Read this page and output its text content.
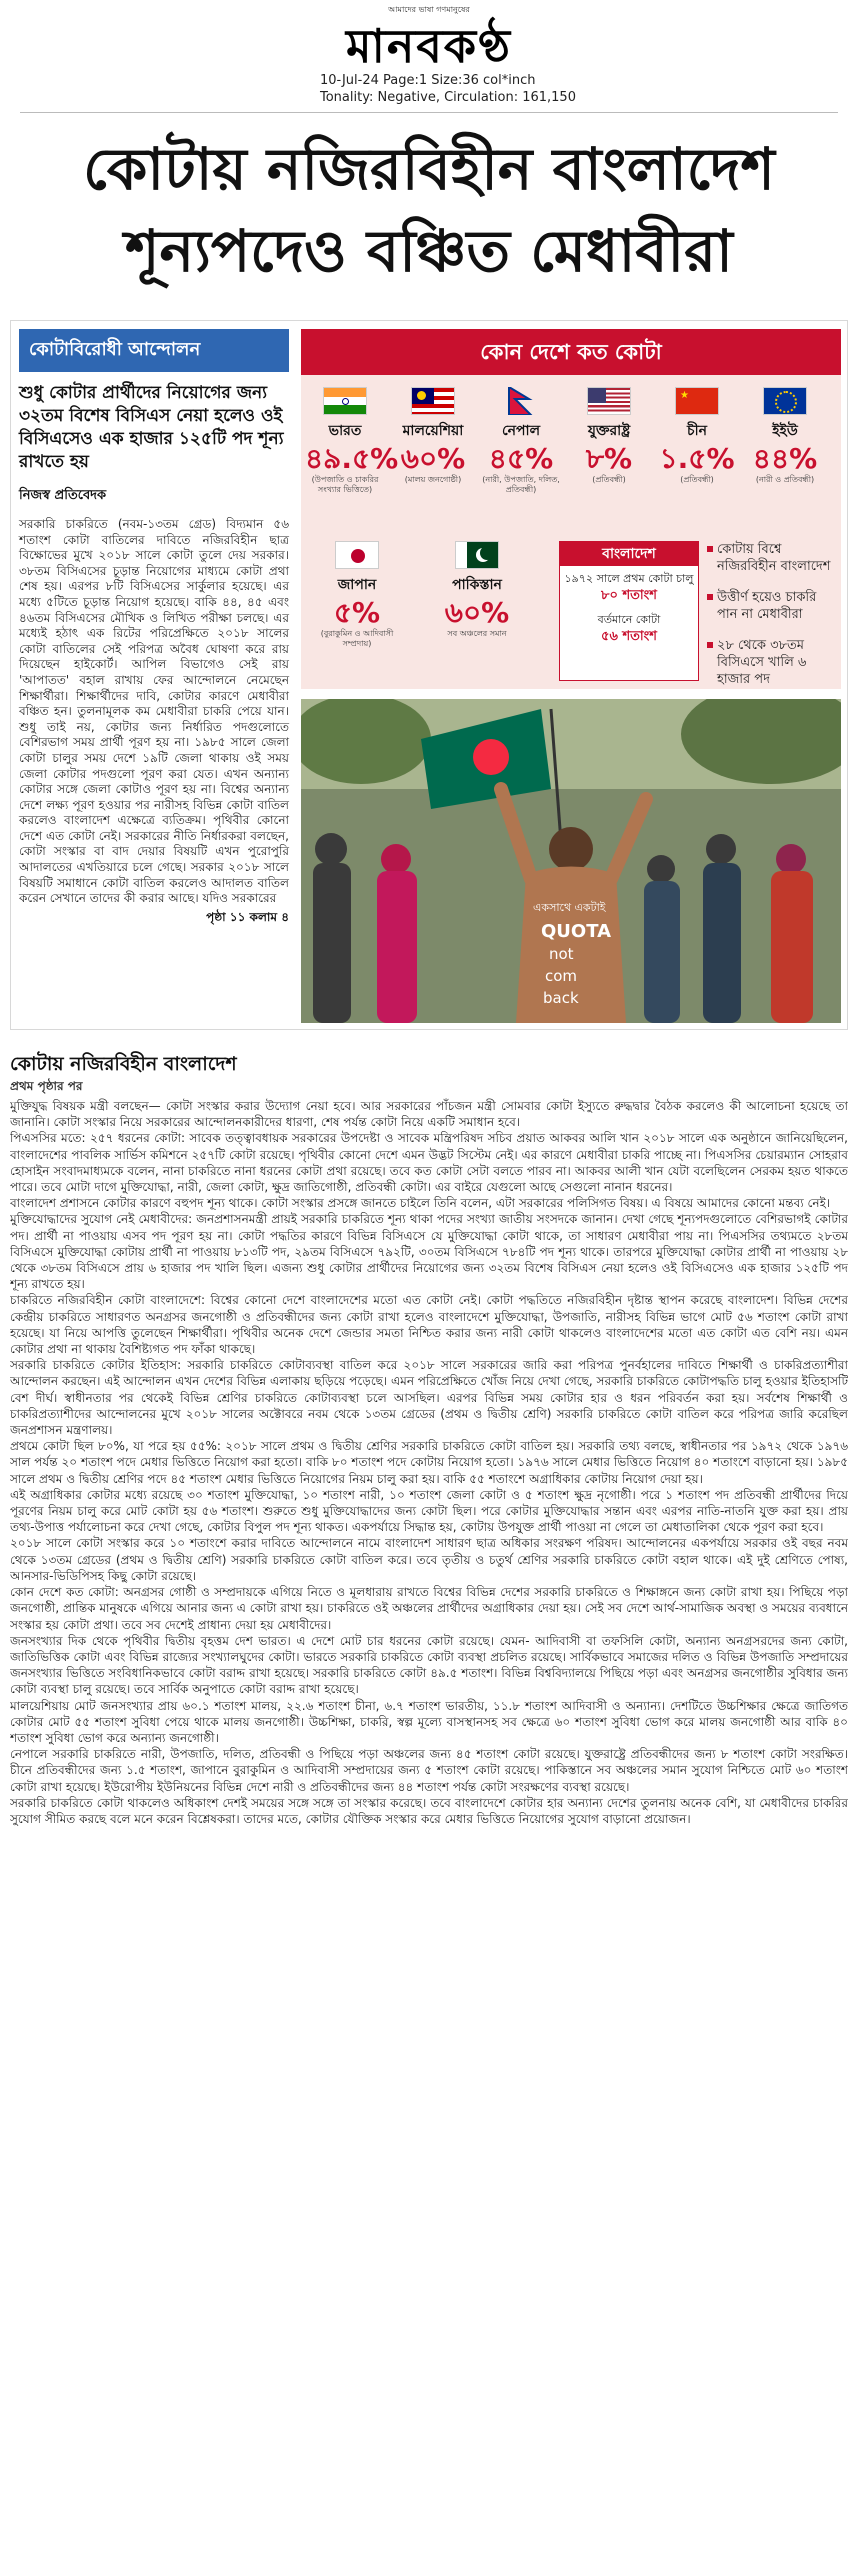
আমাদের ভাষা গণমানুষের
মানবকণ্ঠ
10-Jul-24 Page:1 Size:36 col*inch
Tonality: Negative, Circulation: 161,150
কোটায় নজিরবিহীন বাংলাদেশ
শূন্যপদেও বঞ্চিত মেধাবীরা
কোটাবিরোধী আন্দোলন
শুধু কোটার প্রার্থীদের নিয়োগের জন্য ৩২তম বিশেষ বিসিএস নেয়া হলেও ওই বিসিএসেও এক হাজার ১২৫টি পদ শূন্য রাখতে হয়
নিজস্ব প্রতিবেদক
সরকারি চাকরিতে (নবম-১৩তম গ্রেড) বিদ্যমান ৫৬ শতাংশ কোটা বাতিলের দাবিতে নজিরবিহীন ছাত্র বিক্ষোভের মুখে ২০১৮ সালে কোটা তুলে দেয় সরকার। ৩৮তম বিসিএসের চূড়ান্ত নিয়োগের মাধ্যমে কোটা প্রথা শেষ হয়। এরপর ৮টি বিসিএসের সার্কুলার হয়েছে। এর মধ্যে ৫টিতে চূড়ান্ত নিয়োগ হয়েছে। বাকি ৪৪, ৪৫ এবং ৪৬তম বিসিএসের মৌখিক ও লিখিত পরীক্ষা চলছে। এর মধ্যেই হঠাৎ এক রিটের পরিপ্রেক্ষিতে ২০১৮ সালের কোটা বাতিলের সেই পরিপত্র অবৈধ ঘোষণা করে রায় দিয়েছেন হাইকোর্ট। আপিল বিভাগেও সেই রায় 'আপাতত' বহাল রাখায় ফের আন্দোলনে নেমেছেন শিক্ষার্থীরা। শিক্ষার্থীদের দাবি, কোটার কারণে মেধাবীরা বঞ্চিত হন। তুলনামূলক কম মেধাবীরা চাকরি পেয়ে যান। শুধু তাই নয়, কোটার জন্য নির্ধারিত পদগুলোতে বেশিরভাগ সময় প্রার্থী পূরণ হয় না। ১৯৮৫ সালে জেলা কোটা চালুর সময় দেশে ১৯টি জেলা থাকায় ওই সময় জেলা কোটার পদগুলো পূরণ করা যেত। এখন অন্যান্য কোটার সঙ্গে জেলা কোটাও পূরণ হয় না। বিশ্বের অন্যান্য দেশে লক্ষ্য পূরণ হওয়ার পর নারীসহ বিভিন্ন কোটা বাতিল করলেও বাংলাদেশ এক্ষেত্রে ব্যতিক্রম। পৃথিবীর কোনো দেশে এত কোটা নেই। সরকারের নীতি নির্ধারকরা বলছেন, কোটা সংস্কার বা বাদ দেয়ার বিষয়টি এখন পুরোপুরি আদালতের এখতিয়ারে চলে গেছে। সরকার ২০১৮ সালে বিষয়টি সমাধানে কোটা বাতিল করলেও আদালত বাতিল করেন সেখানে তাদের কী করার আছে। যদিও সরকারের
পৃষ্ঠা ১১ কলাম ৪
কোন দেশে কত কোটা
ভারত
৪৯.৫%
(উপজাতি ও চাকরির সংখ্যার ভিত্তিতে)
মালয়েশিয়া
৬০%
(মালয় জনগোষ্ঠী)
নেপাল
৪৫%
(নারী, উপজাতি, দলিত, প্রতিবন্ধী)
যুক্তরাষ্ট্র
৮%
(প্রতিবন্ধী)
★
চীন
১.৫%
(প্রতিবন্ধী)
ইইউ
৪৪%
(নারী ও প্রতিবন্ধী)
জাপান
৫%
(বুরাকুমিন ও আদিবাসী সম্প্রদায়)
পাকিস্তান
৬০%
সব অঞ্চলের সমান
বাংলাদেশ
১৯৭২ সালে প্রথম কোটা চালু
৮০ শতাংশ
বর্তমানে কোটা
৫৬ শতাংশ
কোটায় বিশ্বে নজিরবিহীন বাংলাদেশ
উত্তীর্ণ হয়েও চাকরি পান না মেধাবীরা
২৮ থেকে ৩৮তম বিসিএসে খালি ৬ হাজার পদ
একসাথে একটাই
QUOTA
not
com
back
কোটায় নজিরবিহীন বাংলাদেশ
প্রথম পৃষ্ঠার পর

মুক্তিযুদ্ধ বিষয়ক মন্ত্রী বলছেন— কোটা সংস্কার করার উদ্যোগ নেয়া হবে। আর সরকারের পাঁচজন মন্ত্রী সোমবার কোটা ইস্যুতে রুদ্ধদ্বার বৈঠক করলেও কী আলোচনা হয়েছে তা জানানি। কোটা সংস্কার নিয়ে সরকারের আন্দোলনকারীদের ধারণা, শেষ পর্যন্ত কোটা নিয়ে একটি সমাধান হবে।

পিএসসির মতে: ২৫৭ ধরনের কোটা: সাবেক তত্ত্বাবধায়ক সরকারের উপদেষ্টা ও সাবেক মন্ত্রিপরিষদ সচিব প্রয়াত আকবর আলি খান ২০১৮ সালে এক অনুষ্ঠানে জানিয়েছিলেন, বাংলাদেশের পাবলিক সার্ভিস কমিশনে ২৫৭টি কোটা রয়েছে। পৃথিবীর কোনো দেশে এমন উদ্ভট সিস্টেম নেই। এর কারণে মেধাবীরা চাকরি পাচ্ছে না। পিএসসির চেয়ারম্যান সোহরাব হোসাইন সংবাদমাধ্যমকে বলেন, নানা চাকরিতে নানা ধরনের কোটা প্রথা রয়েছে। তবে কত কোটা সেটা বলতে পারব না। আকবর আলী খান যেটা বলেছিলেন সেরকম হয়ত থাকতে পারে। তবে মোটা দাগে মুক্তিযোদ্ধা, নারী, জেলা কোটা, ক্ষুদ্র জাতিগোষ্ঠী, প্রতিবন্ধী কোটা। এর বাইরে যেগুলো আছে সেগুলো নানান ধরনের।

বাংলাদেশ প্রশাসনে কোটার কারণে বহুপদ শূন্য থাকে। কোটা সংস্কার প্রসঙ্গে জানতে চাইলে তিনি বলেন, এটা সরকারের পলিসিগত বিষয়। এ বিষয়ে আমাদের কোনো মন্তব্য নেই।

মুক্তিযোদ্ধাদের সুযোগ নেই মেধাবীদের: জনপ্রশাসনমন্ত্রী প্রায়ই সরকারি চাকরিতে শূন্য থাকা পদের সংখ্যা জাতীয় সংসদকে জানান। দেখা গেছে শূন্যপদগুলোতে বেশিরভাগই কোটার পদ। প্রার্থী না পাওয়ায় এসব পদ পূরণ হয় না। কোটা পদ্ধতির কারণে বিভিন্ন বিসিএসে যে মুক্তিযোদ্ধা কোটা থাকে, তা সাধারণ মেধাবীরা পায় না। পিএসসির তথ্যমতে ২৮তম বিসিএসে মুক্তিযোদ্ধা কোটায় প্রার্থী না পাওয়ায় ৮১৩টি পদ, ২৯তম বিসিএসে ৭৯২টি, ৩০তম বিসিএসে ৭৮৪টি পদ শূন্য থাকে। তারপরে মুক্তিযোদ্ধা কোটার প্রার্থী না পাওয়ায় ২৮ থেকে ৩৮তম বিসিএসে প্রায় ৬ হাজার পদ খালি ছিল। এজন্য শুধু কোটার প্রার্থীদের নিয়োগের জন্য ৩২তম বিশেষ বিসিএস নেয়া হলেও ওই বিসিএসেও এক হাজার ১২৫টি পদ শূন্য রাখতে হয়।

চাকরিতে নজিরবিহীন কোটা বাংলাদেশে: বিশ্বের কোনো দেশে বাংলাদেশের মতো এত কোটা নেই। কোটা পদ্ধতিতে নজিরবিহীন দৃষ্টান্ত স্থাপন করেছে বাংলাদেশ। বিভিন্ন দেশের কেন্দ্রীয় চাকরিতে সাধারণত অনগ্রসর জনগোষ্ঠী ও প্রতিবন্ধীদের জন্য কোটা রাখা হলেও বাংলাদেশে মুক্তিযোদ্ধা, উপজাতি, নারীসহ বিভিন্ন ভাগে মোট ৫৬ শতাংশ কোটা রাখা হয়েছে। যা নিয়ে আপত্তি তুলেছেন শিক্ষার্থীরা। পৃথিবীর অনেক দেশে জেন্ডার সমতা নিশ্চিত করার জন্য নারী কোটা থাকলেও বাংলাদেশের মতো এত কোটা এত বেশি নয়। এমন কোটার প্রথা না থাকায় বৈশিষ্ট্যগত পদ ফাঁকা থাকছে।

সরকারি চাকরিতে কোটার ইতিহাস: সরকারি চাকরিতে কোটাব্যবস্থা বাতিল করে ২০১৮ সালে সরকারের জারি করা পরিপত্র পুনর্বহালের দাবিতে শিক্ষার্থী ও চাকরিপ্রত্যাশীরা আন্দোলন করছেন। এই আন্দোলন এখন দেশের বিভিন্ন এলাকায় ছড়িয়ে পড়েছে। এমন পরিপ্রেক্ষিতে খোঁজ নিয়ে দেখা গেছে, সরকারি চাকরিতে কোটাপদ্ধতি চালু হওয়ার ইতিহাসটি বেশ দীর্ঘ। স্বাধীনতার পর থেকেই বিভিন্ন শ্রেণির চাকরিতে কোটাব্যবস্থা চলে আসছিল। এরপর বিভিন্ন সময় কোটার হার ও ধরন পরিবর্তন করা হয়। সর্বশেষ শিক্ষার্থী ও চাকরিপ্রত্যাশীদের আন্দোলনের মুখে ২০১৮ সালের অক্টোবরে নবম থেকে ১৩তম গ্রেডের (প্রথম ও দ্বিতীয় শ্রেণি) সরকারি চাকরিতে কোটা বাতিল করে পরিপত্র জারি করেছিল জনপ্রশাসন মন্ত্রণালয়।

প্রথমে কোটা ছিল ৮০%, যা পরে হয় ৫৫%: ২০১৮ সালে প্রথম ও দ্বিতীয় শ্রেণির সরকারি চাকরিতে কোটা বাতিল হয়। সরকারি তথ্য বলছে, স্বাধীনতার পর ১৯৭২ থেকে ১৯৭৬ সাল পর্যন্ত ২০ শতাংশ পদে মেধার ভিত্তিতে নিয়োগ করা হতো। বাকি ৮০ শতাংশ পদে কোটায় নিয়োগ হতো। ১৯৭৬ সালে মেধার ভিত্তিতে নিয়োগ ৪০ শতাংশে বাড়ানো হয়। ১৯৮৫ সালে প্রথম ও দ্বিতীয় শ্রেণির পদে ৪৫ শতাংশ মেধার ভিত্তিতে নিয়োগের নিয়ম চালু করা হয়। বাকি ৫৫ শতাংশে অগ্রাধিকার কোটায় নিয়োগ দেয়া হয়।

এই অগ্রাধিকার কোটার মধ্যে রয়েছে ৩০ শতাংশ মুক্তিযোদ্ধা, ১০ শতাংশ নারী, ১০ শতাংশ জেলা কোটা ও ৫ শতাংশ ক্ষুদ্র নৃগোষ্ঠী। পরে ১ শতাংশ পদ প্রতিবন্ধী প্রার্থীদের দিয়ে পূরণের নিয়ম চালু করে মোট কোটা হয় ৫৬ শতাংশ। শুরুতে শুধু মুক্তিযোদ্ধাদের জন্য কোটা ছিল। পরে কোটার মুক্তিযোদ্ধার সন্তান এবং এরপর নাতি-নাতনি যুক্ত করা হয়। প্রায় তথ্য-উপাত্ত পর্যালোচনা করে দেখা গেছে, কোটার বিপুল পদ শূন্য থাকত। একপর্যায়ে সিদ্ধান্ত হয়, কোটায় উপযুক্ত প্রার্থী পাওয়া না গেলে তা মেধাতালিকা থেকে পূরণ করা হবে।

২০১৮ সালে কোটা সংস্কার করে ১০ শতাংশে করার দাবিতে আন্দোলনে নামে বাংলাদেশ সাধারণ ছাত্র অধিকার সংরক্ষণ পরিষদ। আন্দোলনের একপর্যায়ে সরকার ওই বছর নবম থেকে ১৩তম গ্রেডের (প্রথম ও দ্বিতীয় শ্রেণি) সরকারি চাকরিতে কোটা বাতিল করে। তবে তৃতীয় ও চতুর্থ শ্রেণির সরকারি চাকরিতে কোটা বহাল থাকে। এই দুই শ্রেণিতে পোষ্য, আনসার-ভিডিপিসহ কিছু কোটা রয়েছে।

কোন দেশে কত কোটা: অনগ্রসর গোষ্ঠী ও সম্প্রদায়কে এগিয়ে নিতে ও মূলধারায় রাখতে বিশ্বের বিভিন্ন দেশের সরকারি চাকরিতে ও শিক্ষাঙ্গনে জন্য কোটা রাখা হয়। পিছিয়ে পড়া জনগোষ্ঠী, প্রান্তিক মানুষকে এগিয়ে আনার জন্য এ কোটা রাখা হয়। চাকরিতে ওই অঞ্চলের প্রার্থীদের অগ্রাধিকার দেয়া হয়। সেই সব দেশে আর্থ-সামাজিক অবস্থা ও সময়ের ব্যবধানে সংস্কার হয় কোটা প্রথা। তবে সব দেশেই প্রাধান্য দেয়া হয় মেধাবীদের।

জনসংখ্যার দিক থেকে পৃথিবীর দ্বিতীয় বৃহত্তম দেশ ভারত। এ দেশে মোট চার ধরনের কোটা রয়েছে। যেমন- আদিবাসী বা তফসিলি কোটা, অন্যান্য অনগ্রসরদের জন্য কোটা, জাতিভিত্তিক কোটা এবং বিভিন্ন রাজ্যের সংখ্যালঘুদের কোটা। ভারতে সরকারি চাকরিতে কোটা ব্যবস্থা প্রচলিত রয়েছে। সার্বিকভাবে সমাজের দলিত ও বিভিন্ন উপজাতি সম্প্রদায়ের জনসংখ্যার ভিত্তিতে সংবিধানিকভাবে কোটা বরাদ্দ রাখা হয়েছে। সরকারি চাকরিতে কোটা ৪৯.৫ শতাংশ। বিভিন্ন বিশ্ববিদ্যালয়ে পিছিয়ে পড়া এবং অনগ্রসর জনগোষ্ঠীর সুবিধার জন্য কোটা ব্যবস্থা চালু রয়েছে। তবে সার্বিক অনুপাতে কোটা বরাদ্দ রাখা হয়েছে।

মালয়েশিয়ায় মোট জনসংখ্যার প্রায় ৬০.১ শতাংশ মালয়, ২২.৬ শতাংশ চীনা, ৬.৭ শতাংশ ভারতীয়, ১১.৮ শতাংশ আদিবাসী ও অন্যান্য। দেশটিতে উচ্চশিক্ষার ক্ষেত্রে জাতিগত কোটার মোট ৫৫ শতাংশ সুবিধা পেয়ে থাকে মালয় জনগোষ্ঠী। উচ্চশিক্ষা, চাকরি, স্বল্প মূল্যে বাসস্থানসহ সব ক্ষেত্রে ৬০ শতাংশ সুবিধা ভোগ করে মালয় জনগোষ্ঠী আর বাকি ৪০ শতাংশ সুবিধা ভোগ করে অন্যান্য জনগোষ্ঠী।

নেপালে সরকারি চাকরিতে নারী, উপজাতি, দলিত, প্রতিবন্ধী ও পিছিয়ে পড়া অঞ্চলের জন্য ৪৫ শতাংশ কোটা রয়েছে। যুক্তরাষ্ট্রে প্রতিবন্ধীদের জন্য ৮ শতাংশ কোটা সংরক্ষিত। চীনে প্রতিবন্ধীদের জন্য ১.৫ শতাংশ, জাপানে বুরাকুমিন ও আদিবাসী সম্প্রদায়ের জন্য ৫ শতাংশ কোটা রয়েছে। পাকিস্তানে সব অঞ্চলের সমান সুযোগ নিশ্চিতে মোট ৬০ শতাংশ কোটা রাখা হয়েছে। ইউরোপীয় ইউনিয়নের বিভিন্ন দেশে নারী ও প্রতিবন্ধীদের জন্য ৪৪ শতাংশ পর্যন্ত কোটা সংরক্ষণের ব্যবস্থা রয়েছে।

সরকারি চাকরিতে কোটা থাকলেও অধিকাংশ দেশই সময়ের সঙ্গে সঙ্গে তা সংস্কার করেছে। তবে বাংলাদেশে কোটার হার অন্যান্য দেশের তুলনায় অনেক বেশি, যা মেধাবীদের চাকরির সুযোগ সীমিত করছে বলে মনে করেন বিশ্লেষকরা। তাদের মতে, কোটার যৌক্তিক সংস্কার করে মেধার ভিত্তিতে নিয়োগের সুযোগ বাড়ানো প্রয়োজন।
